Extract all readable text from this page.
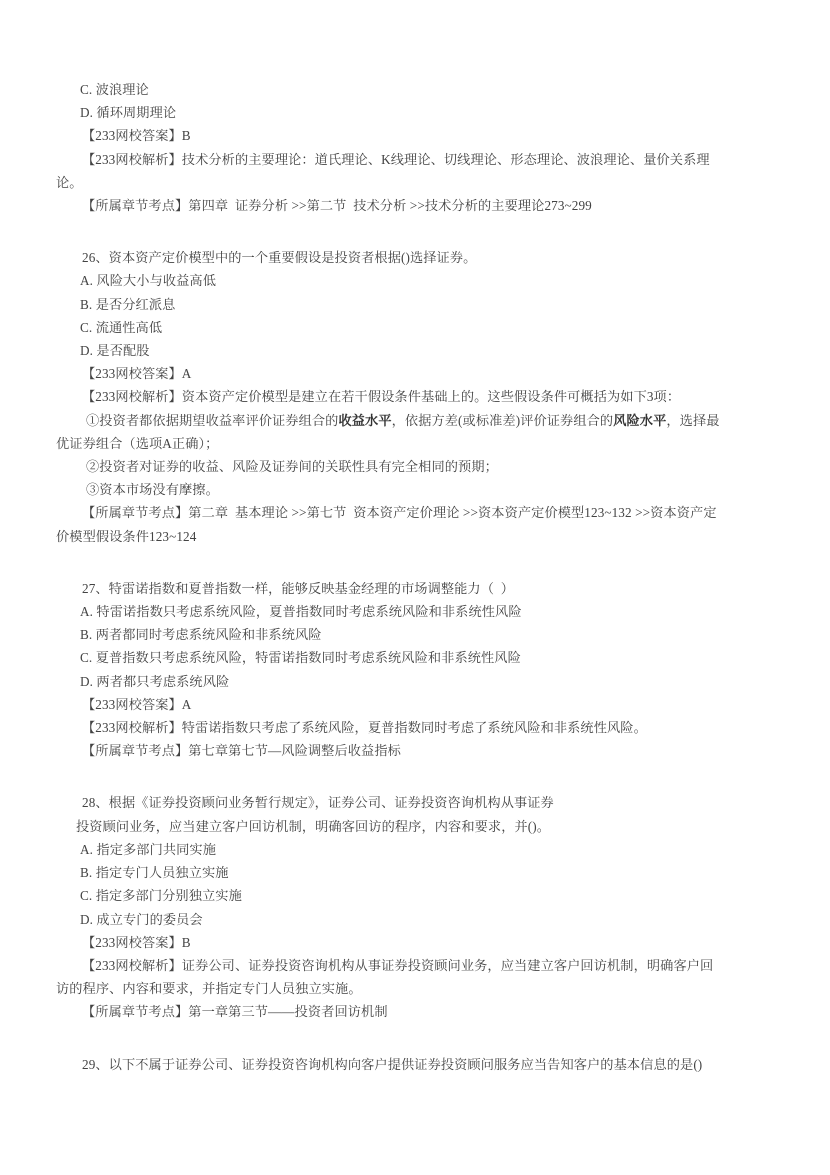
C. 波浪理论
D. 循环周期理论
【233网校答案】B
【233网校解析】技术分析的主要理论：道氏理论、K线理论、切线理论、形态理论、波浪理论、量价关系理
论。
【所属章节考点】第四章  证券分析 >>第二节  技术分析 >>技术分析的主要理论273~299
26、资本资产定价模型中的一个重要假设是投资者根据()选择证券。
A. 风险大小与收益高低
B. 是否分红派息
C. 流通性高低
D. 是否配股
【233网校答案】A
【233网校解析】资本资产定价模型是建立在若干假设条件基础上的。这些假设条件可概括为如下3项：
①投资者都依据期望收益率评价证券组合的收益水平，依据方差(或标准差)评价证券组合的风险水平，选择最
优证券组合（选项A正确）；
②投资者对证券的收益、风险及证券间的关联性具有完全相同的预期；
③资本市场没有摩擦。
【所属章节考点】第二章  基本理论 >>第七节  资本资产定价理论 >>资本资产定价模型123~132 >>资本资产定
价模型假设条件123~124
27、特雷诺指数和夏普指数一样，能够反映基金经理的市场调整能力（  ）
A. 特雷诺指数只考虑系统风险，夏普指数同时考虑系统风险和非系统性风险
B. 两者都同时考虑系统风险和非系统风险
C. 夏普指数只考虑系统风险，特雷诺指数同时考虑系统风险和非系统性风险
D. 两者都只考虑系统风险
【233网校答案】A
【233网校解析】特雷诺指数只考虑了系统风险，夏普指数同时考虑了系统风险和非系统性风险。
【所属章节考点】第七章第七节—风险调整后收益指标
28、根据《证券投资顾问业务暂行规定》，证券公司、证券投资咨询机构从事证券
投资顾问业务，应当建立客户回访机制，明确客回访的程序，内容和要求，并()。
A. 指定多部门共同实施
B. 指定专门人员独立实施
C. 指定多部门分别独立实施
D. 成立专门的委员会
【233网校答案】B
【233网校解析】证券公司、证券投资咨询机构从事证券投资顾问业务，应当建立客户回访机制，明确客户回
访的程序、内容和要求，并指定专门人员独立实施。
【所属章节考点】第一章第三节——投资者回访机制
29、以下不属于证券公司、证券投资咨询机构向客户提供证券投资顾问服务应当告知客户的基本信息的是()
